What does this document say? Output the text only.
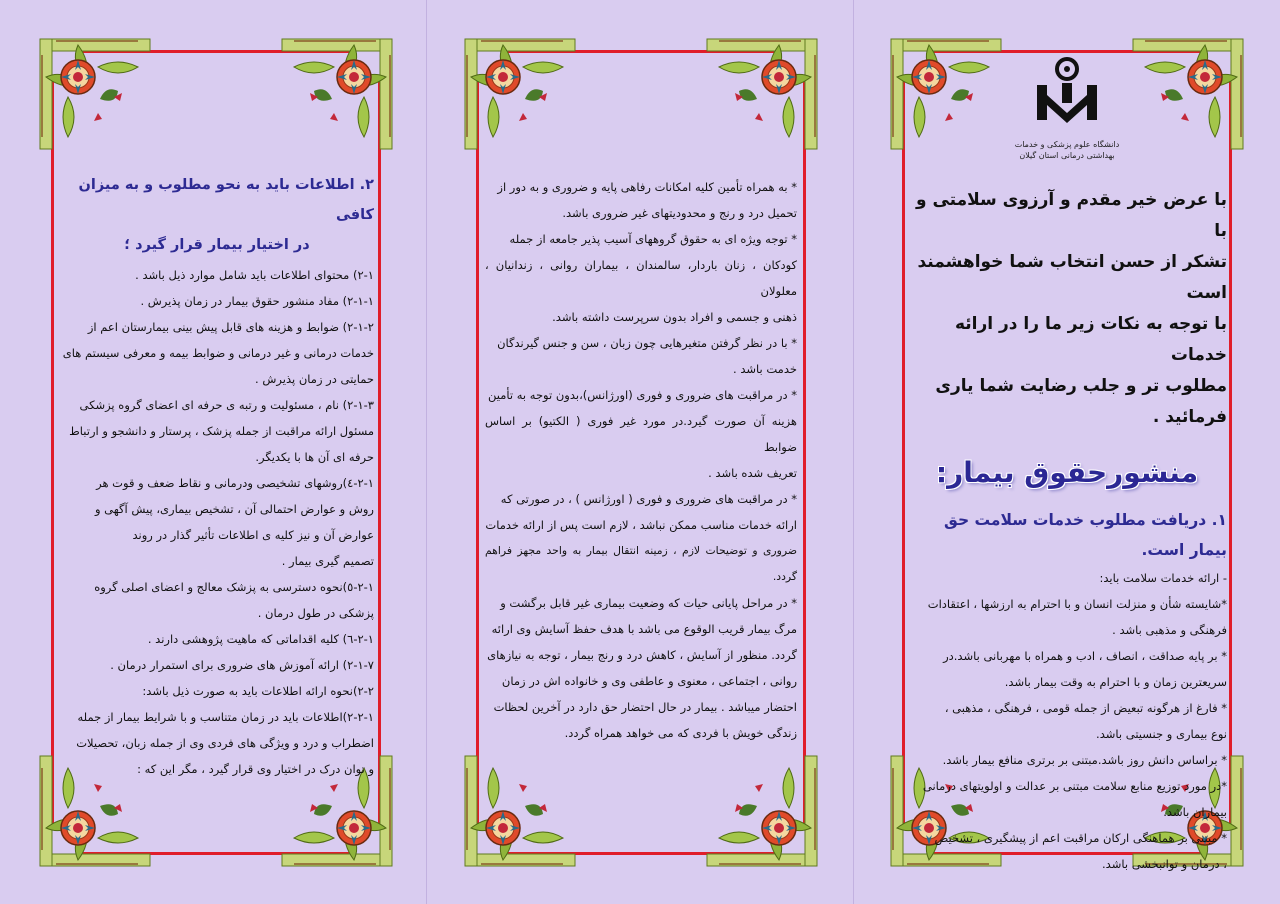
دانشگاه علوم پزشکی و خدمات
بهداشتی درمانی استان گیلان
با عرض خیر مقدم و آرزوی سلامتی و با
تشکر از حسن انتخاب شما خواهشمند است
با توجه به نکات زیر ما را در ارائه خدمات
مطلوب تر و جلب رضایت شما یاری فرمائید .
منشورحقوق بیمار:
۱. دریافت مطلوب خدمات سلامت حق بیمار است.

- ارائه خدمات سلامت باید:

*شایسته شأن و منزلت انسان و با احترام به ارزشها ، اعتقادات

فرهنگی و مذهبی باشد .

* بر پایه صداقت ، انصاف ، ادب و همراه با مهربانی باشد.در

سریعترین زمان و با احترام به وقت بیمار باشد.

* فارغ از هرگونه تبعیض از جمله قومی ، فرهنگی ، مذهبی ،

نوع بیماری و جنسیتی باشد.

* براساس دانش روز باشد.مبتنی بر برتری منافع بیمار باشد.

*در مورد توزیع منابع سلامت مبتنی بر عدالت و اولویتهای درمانی

بیماران باشد.

* مبتنی بر هماهنگی ارکان مراقبت اعم از پیشگیری ، تشخیص

، درمان و توانبخشی باشد.

* به همراه تأمین کلیه امکانات رفاهی پایه و ضروری و به دور از

تحمیل درد و رنج و محدودیتهای غیر ضروری باشد.

* توجه ویژه ای به حقوق گروههای آسیب پذیر جامعه از جمله

کودکان ، زنان باردار، سالمندان ، بیماران روانی ، زندانیان ، معلولان

ذهنی و جسمی و افراد بدون سرپرست داشته باشد.

* با در نظر گرفتن متغیرهایی چون زبان ، سن و جنس گیرندگان

خدمت باشد .

* در مراقبت های ضروری و فوری (اورژانس)،بدون توجه به تأمین

هزینه آن صورت گیرد.در مورد غیر فوری ( الکتیو) بر اساس ضوابط

تعریف شده باشد .

* در مراقبت های ضروری و فوری ( اورژانس ) ، در صورتی که

ارائه خدمات مناسب ممکن نباشد ، لازم است پس از ارائه خدمات

ضروری و توضیحات لازم ، زمینه انتقال بیمار به واحد مجهز فراهم گردد.

* در مراحل پایانی حیات که وضعیت بیماری غیر قابل برگشت و

مرگ بیمار قریب الوقوع می باشد با هدف حفظ آسایش وی ارائه

گردد. منظور از آسایش ، کاهش درد و رنج بیمار ، توجه به نیازهای

روانی ، اجتماعی ، معنوی و عاطفی وی و خانواده اش در زمان

احتضار میباشد . بیمار در حال احتضار حق دارد در آخرین لحظات

زندگی خویش با فردی که می خواهد همراه گردد.

۲. اطلاعات باید به نحو مطلوب و به میزان کافی
در اختیار بیمار قرار گیرد ؛

۲-۱) محتوای اطلاعات باید شامل موارد ذیل باشد .

۲-۱-۱) مفاد منشور حقوق بیمار در زمان پذیرش .

۲-۱-۲) ضوابط و هزینه های قابل پیش بینی بیمارستان اعم از

خدمات درمانی و غیر درمانی و ضوابط بیمه و معرفی سیستم های

حمایتی در زمان پذیرش .

۲-۱-۳) نام ، مسئولیت و رتبه ی حرفه ای اعضای گروه پزشکی

مسئول ارائه مراقبت از جمله پزشک ، پرستار و دانشجو و ارتباط

حرفه ای آن ها با یکدیگر.

۲-۱-٤)روشهای تشخیصی ودرمانی و نقاط ضعف و قوت هر

روش و عوارض احتمالی آن ، تشخیص بیماری، پیش آگهی و

عوارض آن و نیز کلیه ی اطلاعات تأثیر گذار در روند

تصمیم گیری بیمار .

۲-۱-٥)نحوه دسترسی به پزشک معالج و اعضای اصلی گروه

پزشکی در طول درمان .

۲-۱-٦) کلیه اقداماتی که ماهیت پژوهشی دارند .

۲-۱-۷) ارائه آموزش های ضروری برای استمرار درمان .

۲-۲)نحوه ارائه اطلاعات باید به صورت ذیل باشد:

۲-۲-۱)اطلاعات باید در زمان متناسب و با شرایط بیمار از جمله

اضطراب و درد و ویژگی های فردی وی از جمله زبان، تحصیلات

و توان درک در اختیار وی قرار گیرد ، مگر این که :
